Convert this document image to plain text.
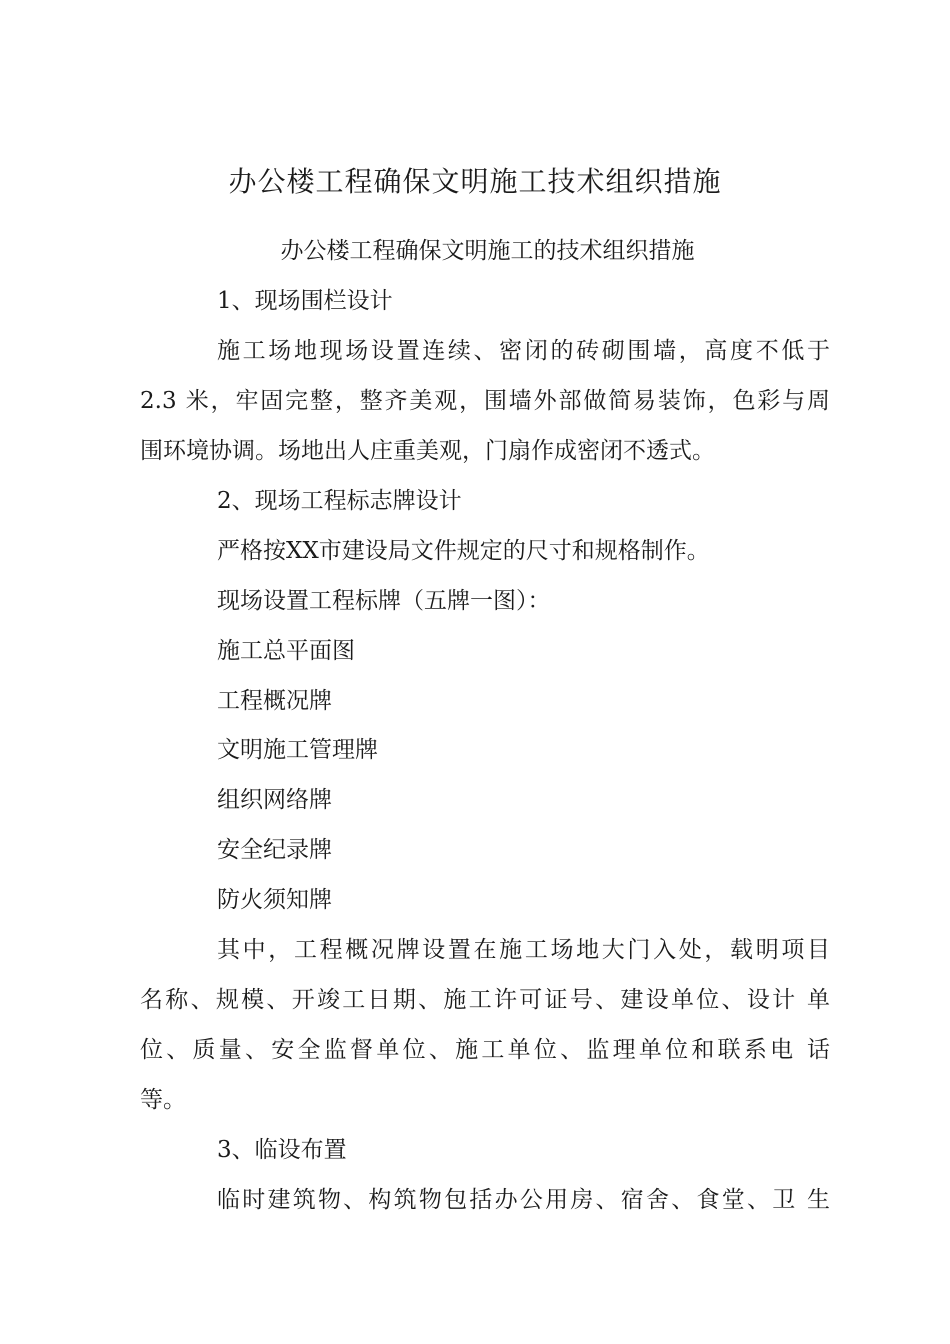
办公楼工程确保文明施工技术组织措施
办公楼工程确保文明施工的技术组织措施
1、现场围栏设计
施工场地现场设置连续、密闭的砖砌围墙，高度不低于
2.3 米，牢固完整，整齐美观，围墙外部做简易装饰，色彩与周
围环境协调。场地出人庄重美观，门扇作成密闭不透式。
2、现场工程标志牌设计
严格按XX市建设局文件规定的尺寸和规格制作。
现场设置工程标牌（五牌一图）：
施工总平面图
工程概况牌
文明施工管理牌
组织网络牌
安全纪录牌
防火须知牌
其中，工程概况牌设置在施工场地大门入处，载明项目
名称、规模、开竣工日期、施工许可证号、建设单位、设计 单
位、质量、安全监督单位、施工单位、监理单位和联系电 话
等。
3、临设布置
临时建筑物、构筑物包括办公用房、宿舍、食堂、卫 生
